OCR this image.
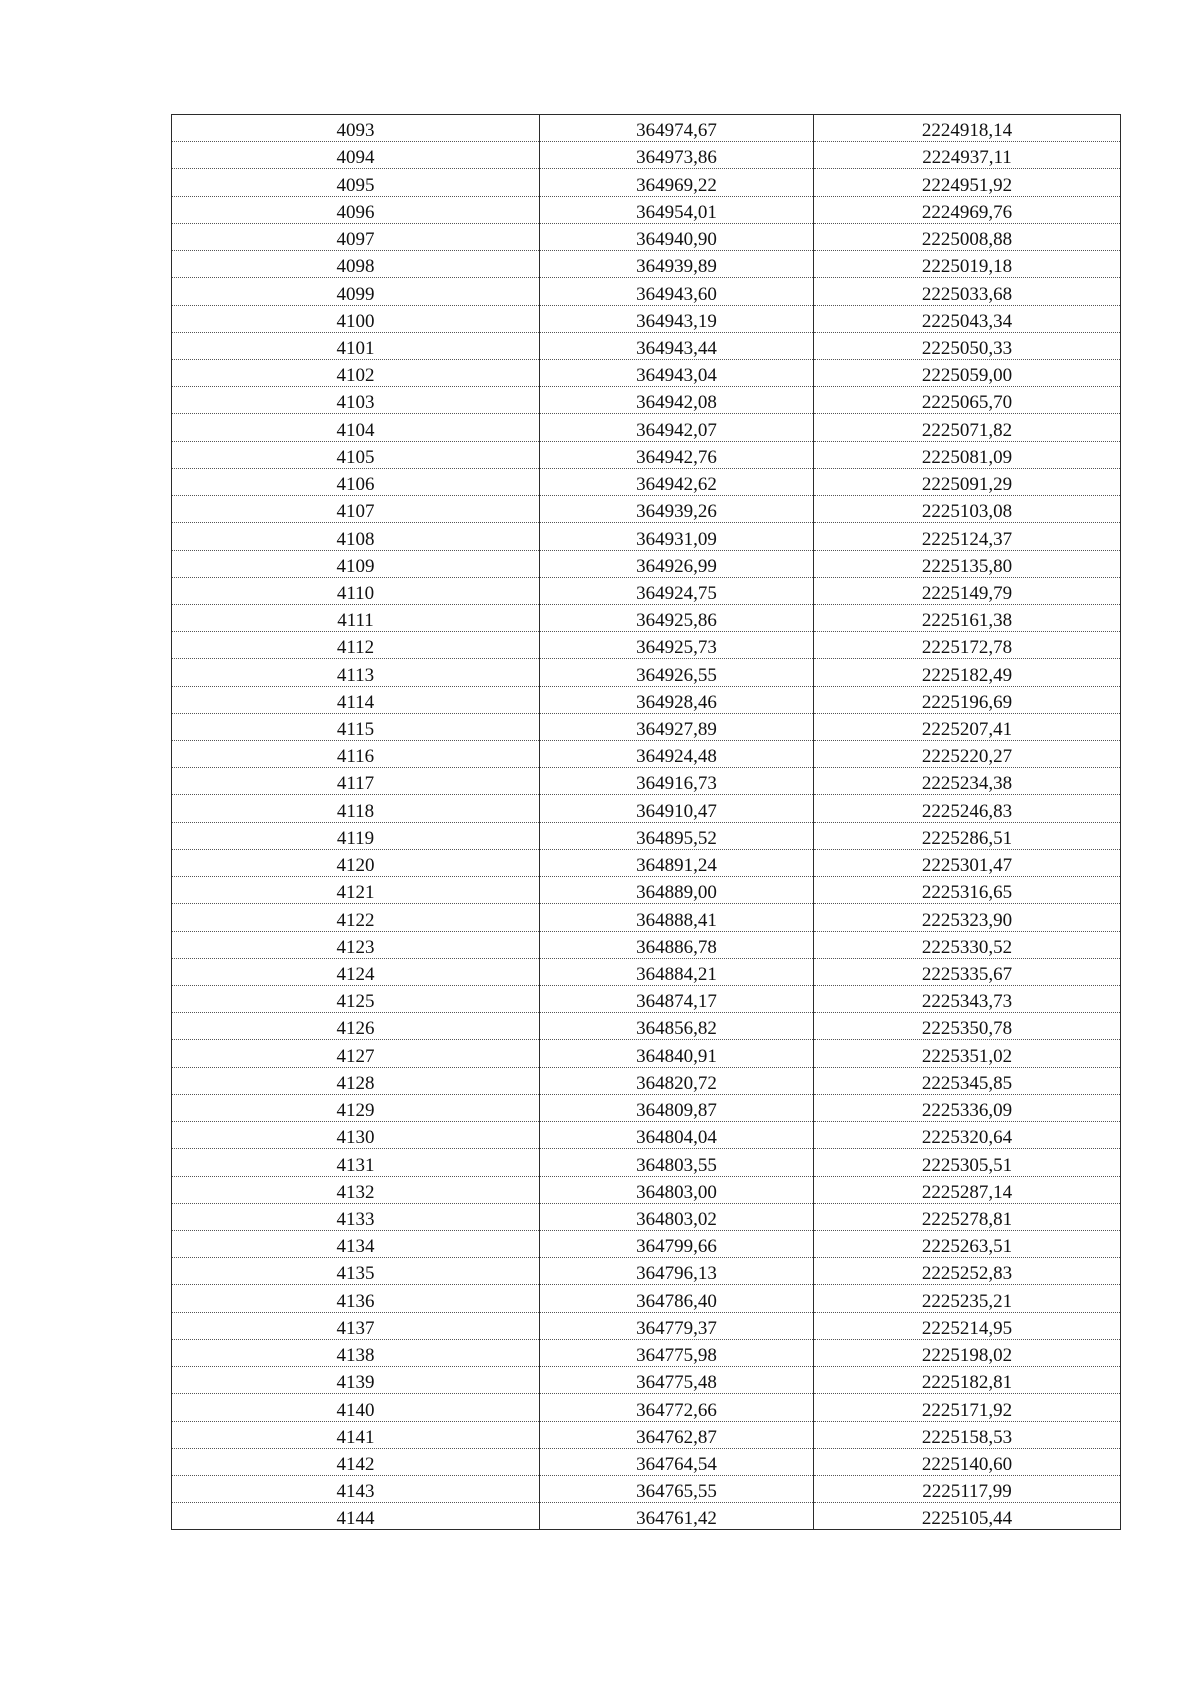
4093	364974,67	2224918,14
4094	364973,86	2224937,11
4095	364969,22	2224951,92
4096	364954,01	2224969,76
4097	364940,90	2225008,88
4098	364939,89	2225019,18
4099	364943,60	2225033,68
4100	364943,19	2225043,34
4101	364943,44	2225050,33
4102	364943,04	2225059,00
4103	364942,08	2225065,70
4104	364942,07	2225071,82
4105	364942,76	2225081,09
4106	364942,62	2225091,29
4107	364939,26	2225103,08
4108	364931,09	2225124,37
4109	364926,99	2225135,80
4110	364924,75	2225149,79
4111	364925,86	2225161,38
4112	364925,73	2225172,78
4113	364926,55	2225182,49
4114	364928,46	2225196,69
4115	364927,89	2225207,41
4116	364924,48	2225220,27
4117	364916,73	2225234,38
4118	364910,47	2225246,83
4119	364895,52	2225286,51
4120	364891,24	2225301,47
4121	364889,00	2225316,65
4122	364888,41	2225323,90
4123	364886,78	2225330,52
4124	364884,21	2225335,67
4125	364874,17	2225343,73
4126	364856,82	2225350,78
4127	364840,91	2225351,02
4128	364820,72	2225345,85
4129	364809,87	2225336,09
4130	364804,04	2225320,64
4131	364803,55	2225305,51
4132	364803,00	2225287,14
4133	364803,02	2225278,81
4134	364799,66	2225263,51
4135	364796,13	2225252,83
4136	364786,40	2225235,21
4137	364779,37	2225214,95
4138	364775,98	2225198,02
4139	364775,48	2225182,81
4140	364772,66	2225171,92
4141	364762,87	2225158,53
4142	364764,54	2225140,60
4143	364765,55	2225117,99
4144	364761,42	2225105,44
